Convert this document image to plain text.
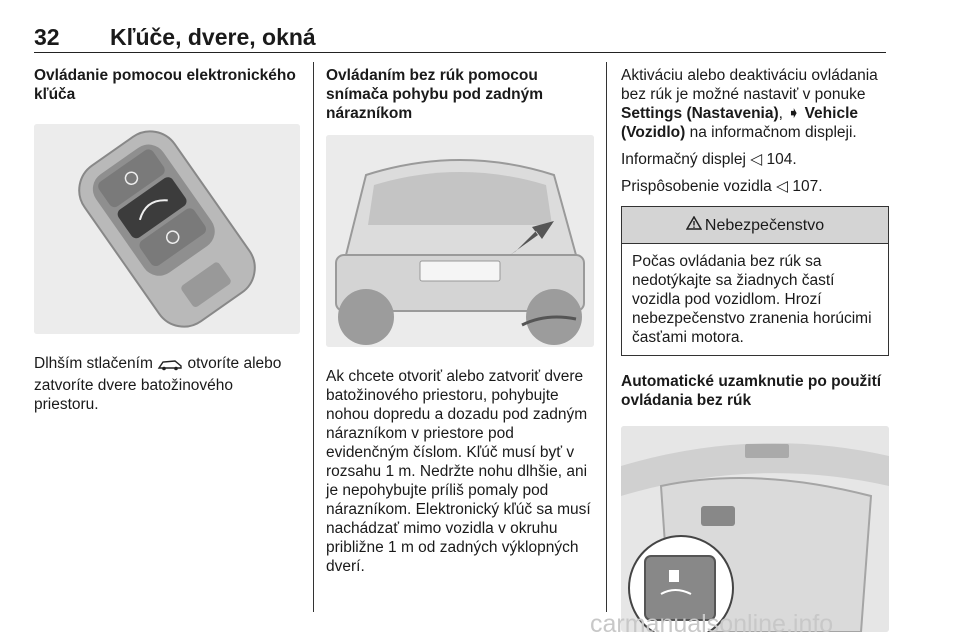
32 Kľúče, dvere, okná

Ovládanie pomocou elektronického kľúča

Dlhším stlačením  otvoríte alebo zatvoríte dvere batožinového priestoru.

Ovládaním bez rúk pomocou snímača pohybu pod zadným nárazníkom

Ak chcete otvoriť alebo zatvoriť dvere batožinového priestoru, pohybujte nohou dopredu a dozadu pod zadným nárazníkom v priestore pod evidenčným číslom. Kľúč musí byť v rozsahu 1 m. Nedržte nohu dlhšie, ani je nepohybujte príliš pomaly pod nárazníkom. Elektronický kľúč sa musí nachádzať mimo vozidla v okruhu približne 1 m od zadných výklopných dverí.

Aktiváciu alebo deaktiváciu ovládania bez rúk je možné nastaviť v ponuke Settings (Nastavenia), ➧ Vehicle (Vozidlo) na informačnom displeji.

Informačný displej ◁ 104.

Prispôsobenie vozidla ◁ 107.

Nebezpečenstvo

Počas ovládania bez rúk sa nedotýkajte sa žiadnych častí vozidla pod vozidlom. Hrozí nebezpečenstvo zranenia horúcimi časťami motora.

Automatické uzamknutie po použití ovládania bez rúk

carmanualsonline.info
